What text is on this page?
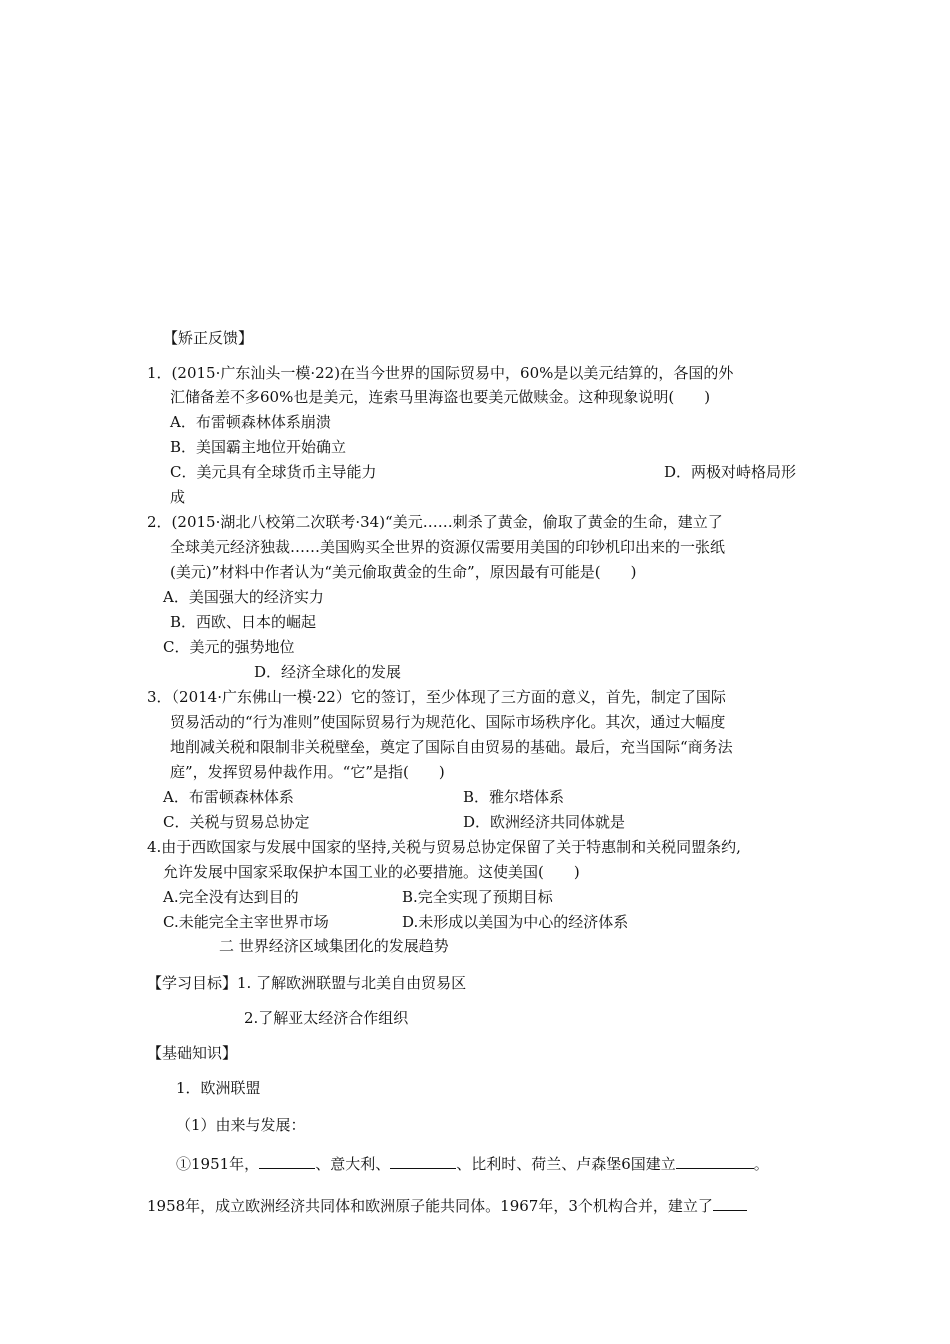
【矫正反馈】
1．(2015·广东汕头一模·22)在当今世界的国际贸易中，60%是以美元结算的，各国的外
汇储备差不多60%也是美元，连索马里海盗也要美元做赎金。这种现象说明(　　)
A．布雷顿森林体系崩溃
B．美国霸主地位开始确立
C．美元具有全球货币主导能力	D．两极对峙格局形
成
2．(2015·湖北八校第二次联考·34)“美元……刺杀了黄金，偷取了黄金的生命，建立了
全球美元经济独裁……美国购买全世界的资源仅需要用美国的印钞机印出来的一张纸
(美元)”材料中作者认为“美元偷取黄金的生命”，原因最有可能是(　　)
A．美国强大的经济实力
B．西欧、日本的崛起
C．美元的强势地位
D．经济全球化的发展
3．（2014·广东佛山一模·22）它的签订，至少体现了三方面的意义，首先，制定了国际
贸易活动的“行为准则”使国际贸易行为规范化、国际市场秩序化。其次，通过大幅度
地削减关税和限制非关税壁垒，奠定了国际自由贸易的基础。最后，充当国际“商务法
庭”，发挥贸易仲裁作用。“它”是指(　　)
A．布雷顿森林体系	B．雅尔塔体系
C．关税与贸易总协定	D．欧洲经济共同体就是
4.由于西欧国家与发展中国家的坚持,关税与贸易总协定保留了关于特惠制和关税同盟条约,
允许发展中国家采取保护本国工业的必要措施。这使美国(　　)
A.完全没有达到目的	B.完全实现了预期目标
C.未能完全主宰世界市场	D.未形成以美国为中心的经济体系
二 世界经济区域集团化的发展趋势
【学习目标】1. 了解欧洲联盟与北美自由贸易区
2.了解亚太经济合作组织
【基础知识】
1．欧洲联盟
（1）由来与发展：
①1951年，	、意大利、	、比利时、荷兰、卢森堡6国建立	。
1958年，成立欧洲经济共同体和欧洲原子能共同体。1967年，3个机构合并，建立了
